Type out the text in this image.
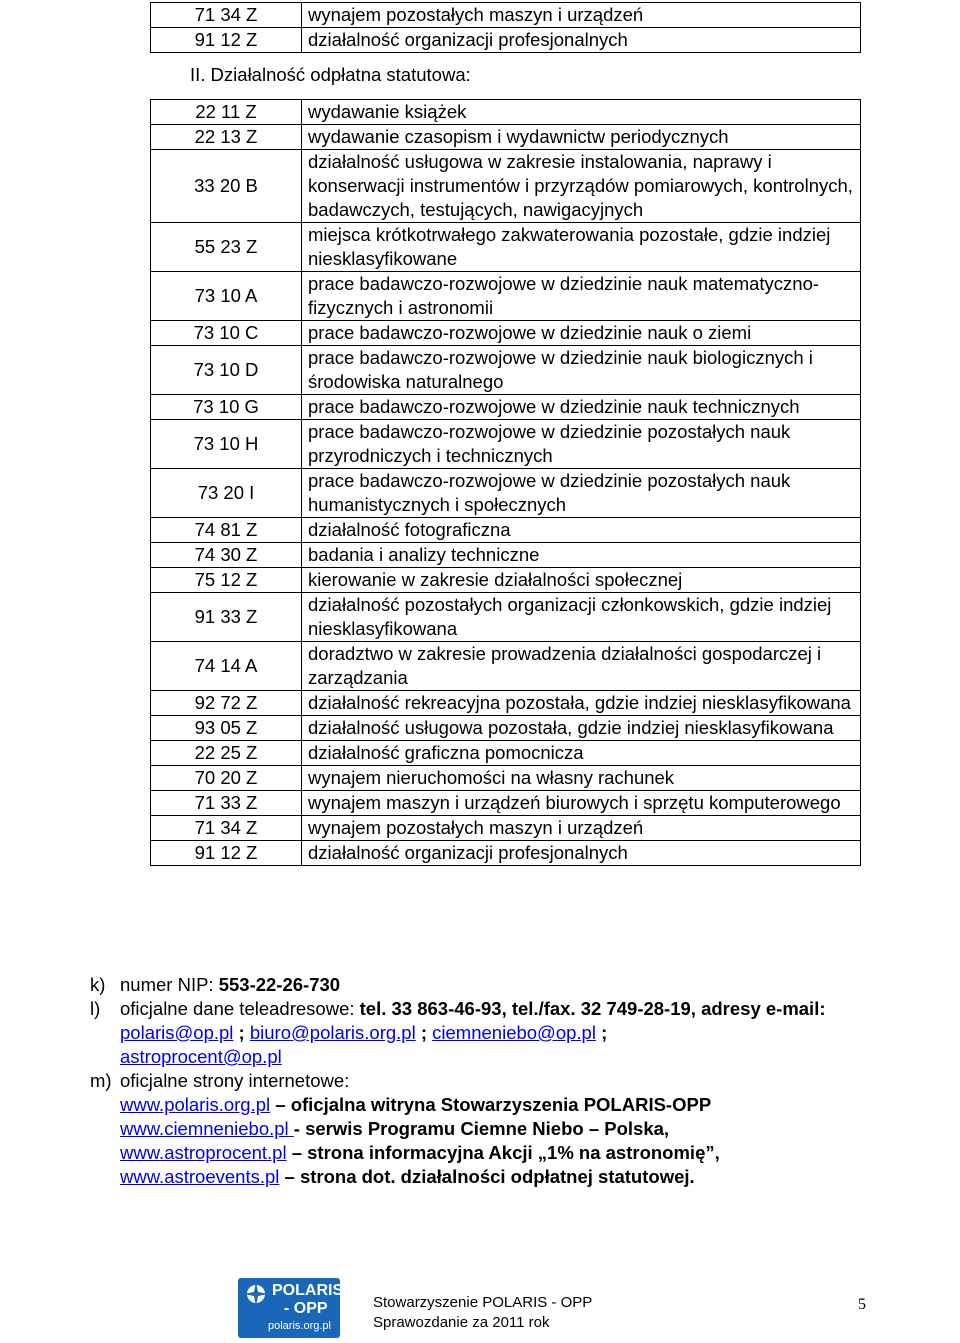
71 34 Z	wynajem pozostałych maszyn i urządzeń
91 12 Z	działalność organizacji profesjonalnych
II. Działalność odpłatna statutowa:
22 11 Z	wydawanie książek
22 13 Z	wydawanie czasopism i wydawnictw periodycznych
33 20 B	działalność usługowa w zakresie instalowania, naprawy i konserwacji instrumentów i przyrządów pomiarowych, kontrolnych, badawczych, testujących, nawigacyjnych
55 23 Z	miejsca krótkotrwałego zakwaterowania pozostałe, gdzie indziej niesklasyfikowane
73 10 A	prace badawczo-rozwojowe w dziedzinie nauk matematyczno-fizycznych i astronomii
73 10 C	prace badawczo-rozwojowe w dziedzinie nauk o ziemi
73 10 D	prace badawczo-rozwojowe w dziedzinie nauk biologicznych i środowiska naturalnego
73 10 G	prace badawczo-rozwojowe w dziedzinie nauk technicznych
73 10 H	prace badawczo-rozwojowe w dziedzinie pozostałych nauk przyrodniczych i technicznych
73 20 I	prace badawczo-rozwojowe w dziedzinie pozostałych nauk humanistycznych i społecznych
74 81 Z	działalność fotograficzna
74 30 Z	badania i analizy techniczne
75 12 Z	kierowanie w zakresie działalności społecznej
91 33 Z	działalność pozostałych organizacji członkowskich, gdzie indziej niesklasyfikowana
74 14 A	doradztwo w zakresie prowadzenia działalności gospodarczej i zarządzania
92 72 Z	działalność rekreacyjna pozostała, gdzie indziej niesklasyfikowana
93 05 Z	działalność usługowa pozostała, gdzie indziej niesklasyfikowana
22 25 Z	działalność graficzna pomocnicza
70 20 Z	wynajem nieruchomości na własny rachunek
71 33 Z	wynajem maszyn i urządzeń biurowych i sprzętu komputerowego
71 34 Z	wynajem pozostałych maszyn i urządzeń
91 12 Z	działalność organizacji profesjonalnych
k) numer NIP: 553-22-26-730
l)	oficjalne dane teleadresowe: tel. 33 863-46-93, tel./fax. 32 749-28-19, adresy e-mail: polaris@op.pl ; biuro@polaris.org.pl ; ciemneniebo@op.pl ;
astroprocent@op.pl
m) oficjalne strony internetowe:
www.polaris.org.pl – oficjalna witryna Stowarzyszenia POLARIS-OPP
www.ciemneniebo.pl - serwis Programu Ciemne Niebo – Polska,
www.astroprocent.pl – strona informacyjna Akcji „1% na astronomię”,
www.astroevents.pl – strona dot. działalności odpłatnej statutowej.
POLARIS
- OPP
polaris.org.pl
Stowarzyszenie POLARIS - OPP
Sprawozdanie za 2011 rok
5
